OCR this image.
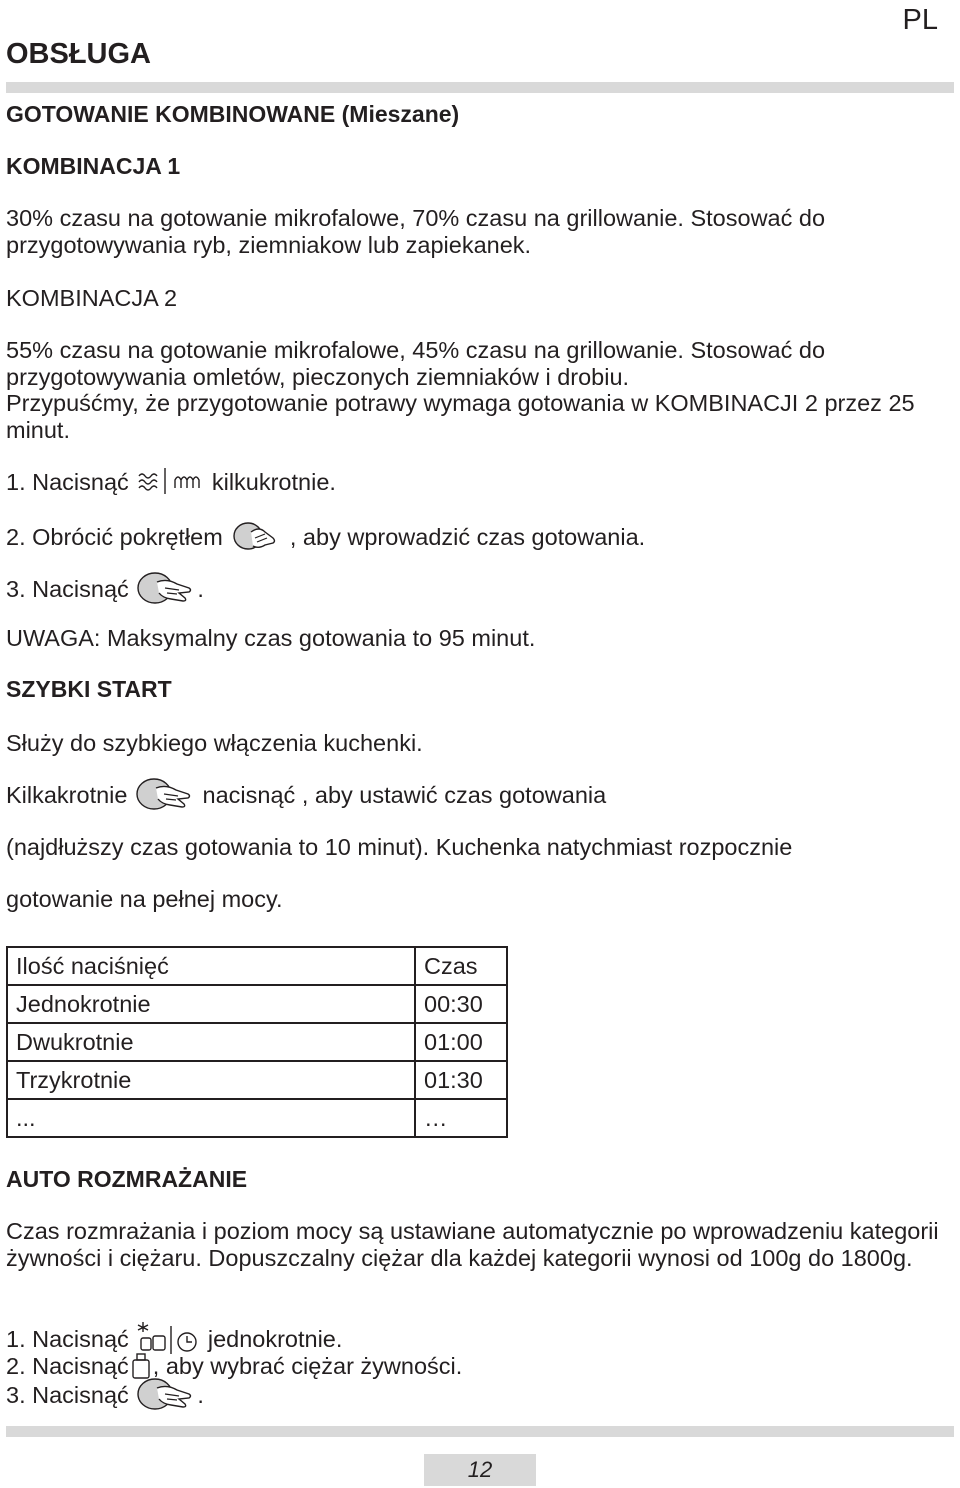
PL
OBSŁUGA
GOTOWANIE KOMBINOWANE (Mieszane)
KOMBINACJA 1

30% czasu na gotowanie mikrofalowe, 70% czasu na grillowanie. Stosować do przygotowywania ryb, ziemniakow lub zapiekanek.

KOMBINACJA 2

55% czasu na gotowanie mikrofalowe, 45% czasu na grillowanie. Stosować do przygotowywania omletów, pieczonych ziemniaków i drobiu.

Przypuśćmy, że przygotowanie potrawy wymaga gotowania w KOMBINACJI 2 przez 25 minut.

1. Nacisnąć	kilkukrotnie.
2. Obrócić pokrętłem	, aby wprowadzić czas gotowania.
3. Nacisnąć	.
UWAGA: Maksymalny czas gotowania to 95 minut.
SZYBKI START
Służy do szybkiego włączenia kuchenki.
Kilkakrotnie	nacisnąć , aby ustawić czas gotowania
(najdłuższy czas gotowania to 10 minut). Kuchenka natychmiast rozpocznie
gotowanie na pełnej mocy.
Ilość naciśnięć	Czas
Jednokrotnie	00:30
Dwukrotnie	01:00
Trzykrotnie	01:30
...	…
AUTO ROZMRAŻANIE

Czas rozmrażania i poziom mocy są ustawiane automatycznie po wprowadzeniu kategorii żywności i ciężaru. Dopuszczalny ciężar dla każdej kategorii wynosi od 100g do 1800g.

1. Nacisnąć	jednokrotnie.
2. Nacisnąć , aby wybrać ciężar żywności.
3. Nacisnąć	.
12
